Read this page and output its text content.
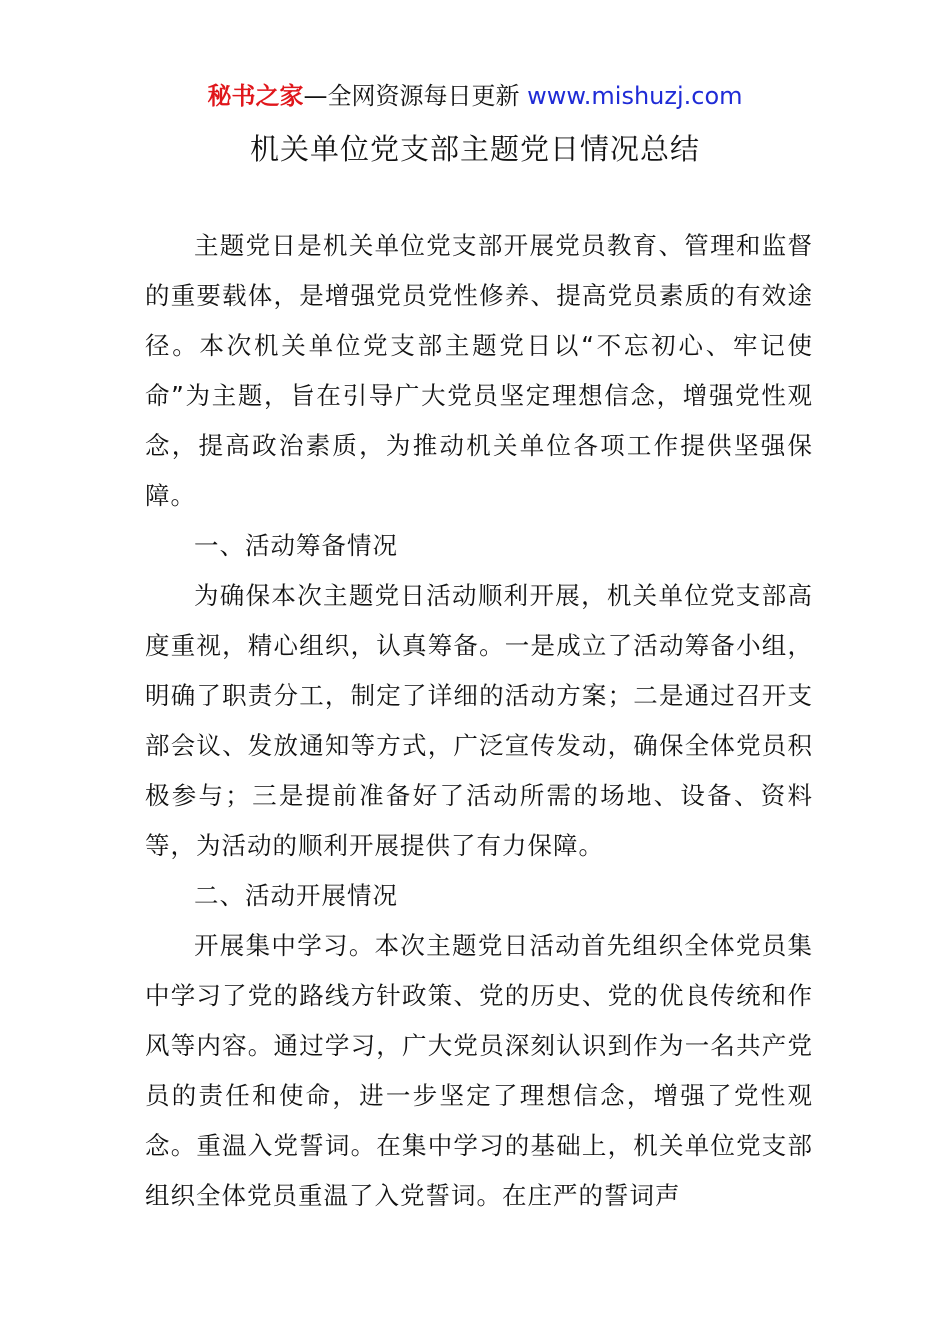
秘书之家—全网资源每日更新 www.mishuzj.com
机关单位党支部主题党日情况总结

主题党日是机关单位党支部开展党员教育、管理和监督的重要载体，是增强党员党性修养、提高党员素质的有效途径。本次机关单位党支部主题党日以“不忘初心、牢记使命”为主题，旨在引导广大党员坚定理想信念，增强党性观念，提高政治素质，为推动机关单位各项工作提供坚强保障。

一、活动筹备情况

为确保本次主题党日活动顺利开展，机关单位党支部高度重视，精心组织，认真筹备。一是成立了活动筹备小组，明确了职责分工，制定了详细的活动方案；二是通过召开支部会议、发放通知等方式，广泛宣传发动，确保全体党员积极参与；三是提前准备好了活动所需的场地、设备、资料等，为活动的顺利开展提供了有力保障。

二、活动开展情况

开展集中学习。本次主题党日活动首先组织全体党员集中学习了党的路线方针政策、党的历史、党的优良传统和作风等内容。通过学习，广大党员深刻认识到作为一名共产党员的责任和使命，进一步坚定了理想信念，增强了党性观念。重温入党誓词。在集中学习的基础上，机关单位党支部组织全体党员重温了入党誓词。在庄严的誓词声
